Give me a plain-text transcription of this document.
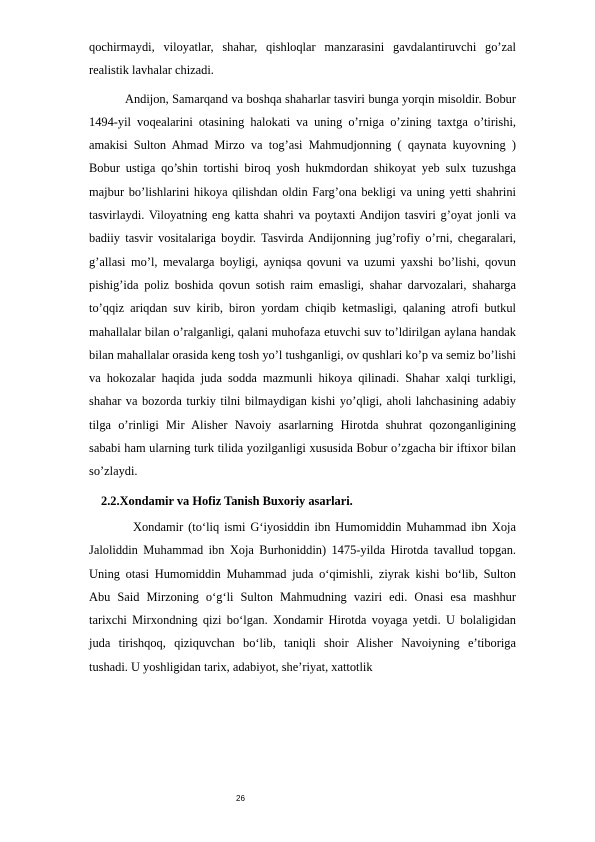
qochirmaydi, viloyatlar, shahar, qishloqlar manzarasini gavdalantiruvchi go’zal realistik lavhalar chizadi.

Andijon, Samarqand va boshqa shaharlar tasviri bunga yorqin misoldir. Bobur 1494-yil voqealarini otasining halokati va uning o’rniga o’zining taxtga o’tirishi, amakisi Sulton Ahmad Mirzo va tog’asi Mahmudjonning ( qaynata kuyovning ) Bobur ustiga qo’shin tortishi biroq yosh hukmdordan shikoyat yeb sulx tuzushga majbur bo’lishlarini hikoya qilishdan oldin Farg’ona bekligi va uning yetti shahrini tasvirlaydi. Viloyatning eng katta shahri va poytaxti Andijon tasviri g’oyat jonli va badiiy tasvir vositalariga boydir. Tasvirda Andijonning jug’rofiy o’rni, chegaralari, g’allasi mo’l, mevalarga boyligi, ayniqsa qovuni va uzumi yaxshi bo’lishi, qovun pishig’ida poliz boshida qovun sotish raim emasligi, shahar darvozalari, shaharga to’qqiz ariqdan suv kirib, biron yordam chiqib ketmasligi, qalaning atrofi butkul mahallalar bilan o’ralganligi, qalani muhofaza etuvchi suv to’ldirilgan aylana handak bilan mahallalar orasida keng tosh yo’l tushganligi, ov qushlari ko’p va semiz bo’lishi va hokozalar haqida juda sodda mazmunli hikoya qilinadi. Shahar xalqi turkligi, shahar va bozorda turkiy tilni bilmaydigan kishi yo’qligi, aholi lahchasining adabiy tilga o’rinligi Mir Alisher Navoiy asarlarning Hirotda shuhrat qozonganligining sababi ham ularning turk tilida yozilganligi xususida Bobur o’zgacha bir iftixor bilan so’zlaydi.

2.2.Xondamir va Hofiz Tanish Buxoriy asarlari.

Xondamir (to‘liq ismi G‘iyosiddin ibn Humomiddin Muhammad ibn Xoja Jaloliddin Muhammad ibn Xoja Burhoniddin) 1475-yilda Hirotda tavallud topgan. Uning otasi Humomiddin Muhammad juda o‘qimishli, ziyrak kishi bo‘lib, Sulton Abu Said Mirzoning o‘g‘li Sulton Mahmudning vaziri edi. Onasi esa mashhur tarixchi Mirxondning qizi bo‘lgan. Xondamir Hirotda voyaga yetdi. U bolaligidan juda tirishqoq, qiziquvchan bo‘lib, taniqli shoir Alisher Navoiyning e’tiboriga tushadi. U yoshligidan tarix, adabiyot, she’riyat, xattotlik

26
